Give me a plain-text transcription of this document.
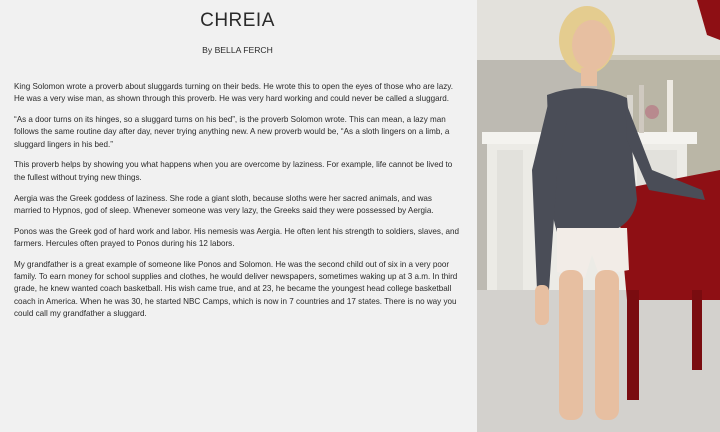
CHREIA
By BELLA FERCH

King Solomon wrote a proverb about sluggards turning on their beds. He wrote this to open the eyes of those who are lazy. He was a very wise man, as shown through this proverb. He was very hard working and could never be called a sluggard.

“As a door turns on its hinges, so a sluggard turns on his bed”, is the proverb Solomon wrote. This can mean, a lazy man follows the same routine day after day, never trying anything new. A new proverb would be, “As a sloth lingers on a limb, a sluggard lingers in his bed.”

This proverb helps by showing you what happens when you are overcome by laziness. For example, life cannot be lived to the fullest without trying new things.

Aergia was the Greek goddess of laziness. She rode a giant sloth, because sloths were her sacred animals, and was married to Hypnos, god of sleep. Whenever someone was very lazy, the Greeks said they were possessed by Aergia.

Ponos was the Greek god of hard work and labor. His nemesis was Aergia. He often lent his strength to soldiers, slaves, and farmers. Hercules often prayed to Ponos during his 12 labors.

My grandfather is a great example of someone like Ponos and Solomon. He was the second child out of six in a very poor family. To earn money for school supplies and clothes, he would deliver newspapers, sometimes waking up at 3 a.m. In third grade, he knew wanted coach basketball. His wish came true, and at 23, he became the youngest head college basketball coach in America. When he was 30, he started NBC Camps, which is now in 7 countries and 17 states. There is no way you could call my grandfather a sluggard.
